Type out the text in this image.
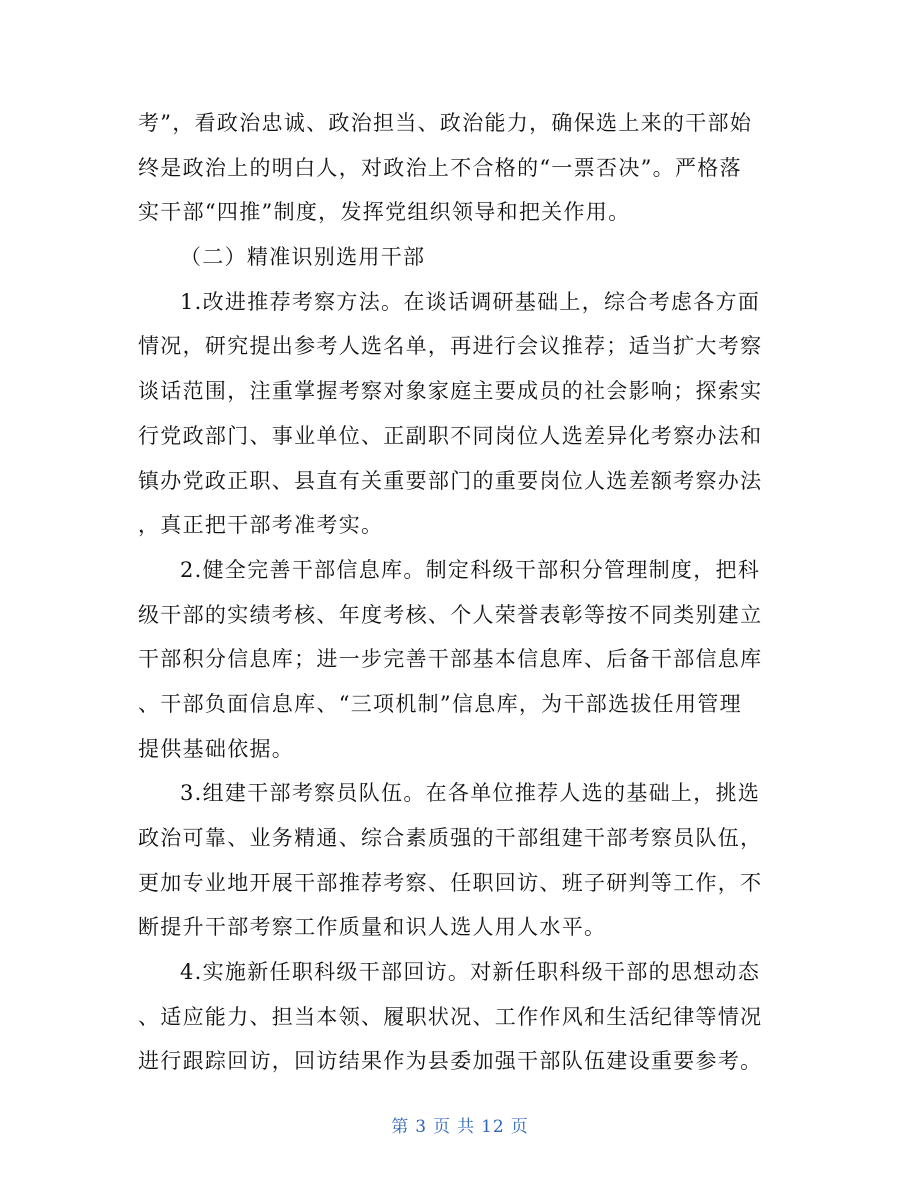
考”，看政治忠诚、政治担当、政治能力，确保选上来的干部始
终是政治上的明白人，对政治上不合格的“一票否决”。严格落
实干部“四推”制度，发挥党组织领导和把关作用。
（二）精准识别选用干部
1.改进推荐考察方法。在谈话调研基础上，综合考虑各方面
情况，研究提出参考人选名单，再进行会议推荐；适当扩大考察
谈话范围，注重掌握考察对象家庭主要成员的社会影响；探索实
行党政部门、事业单位、正副职不同岗位人选差异化考察办法和
镇办党政正职、县直有关重要部门的重要岗位人选差额考察办法
，真正把干部考准考实。
2.健全完善干部信息库。制定科级干部积分管理制度，把科
级干部的实绩考核、年度考核、个人荣誉表彰等按不同类别建立
干部积分信息库；进一步完善干部基本信息库、后备干部信息库
、干部负面信息库、“三项机制”信息库，为干部选拔任用管理
提供基础依据。
3.组建干部考察员队伍。在各单位推荐人选的基础上，挑选
政治可靠、业务精通、综合素质强的干部组建干部考察员队伍，
更加专业地开展干部推荐考察、任职回访、班子研判等工作，不
断提升干部考察工作质量和识人选人用人水平。
4.实施新任职科级干部回访。对新任职科级干部的思想动态
、适应能力、担当本领、履职状况、工作作风和生活纪律等情况
进行跟踪回访，回访结果作为县委加强干部队伍建设重要参考。
第 3 页 共 12 页
